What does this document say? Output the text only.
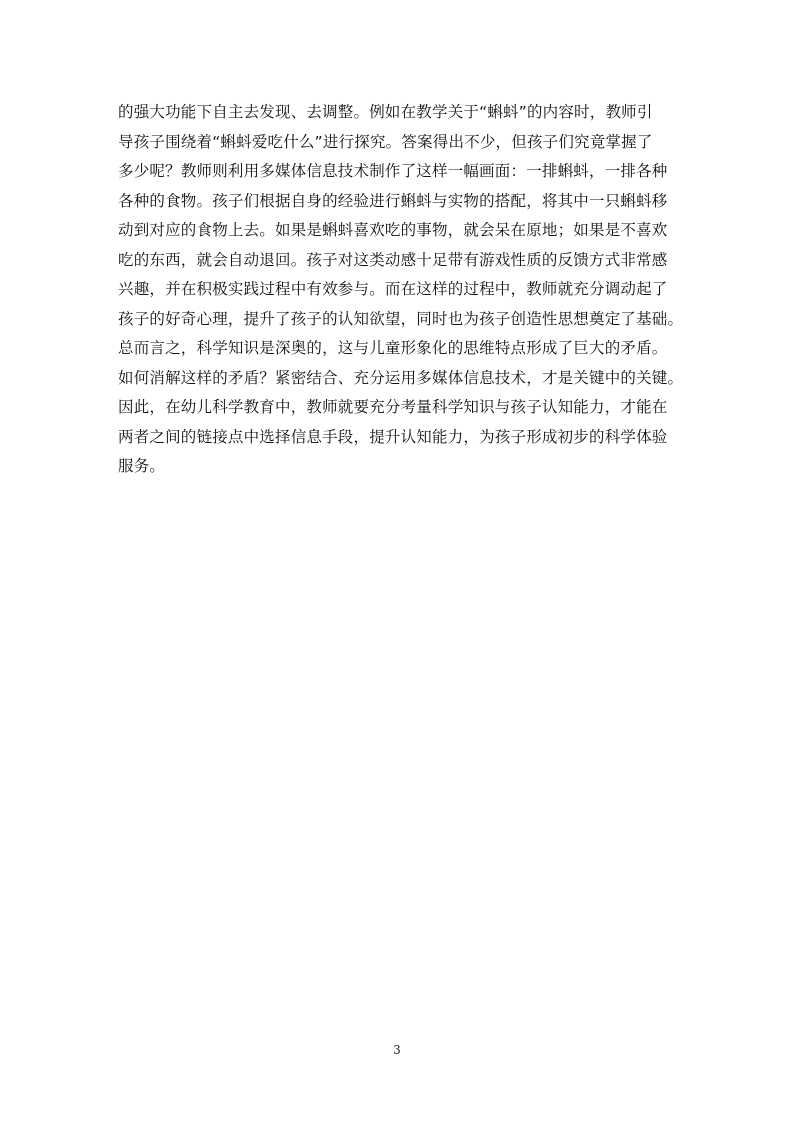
的强大功能下自主去发现、去调整。例如在教学关于“蝌蚪”的内容时，教师引
导孩子围绕着“蝌蚪爱吃什么”进行探究。答案得出不少，但孩子们究竟掌握了
多少呢？教师则利用多媒体信息技术制作了这样一幅画面：一排蝌蚪，一排各种
各种的食物。孩子们根据自身的经验进行蝌蚪与实物的搭配，将其中一只蝌蚪移
动到对应的食物上去。如果是蝌蚪喜欢吃的事物，就会呆在原地；如果是不喜欢
吃的东西，就会自动退回。孩子对这类动感十足带有游戏性质的反馈方式非常感
兴趣，并在积极实践过程中有效参与。而在这样的过程中，教师就充分调动起了
孩子的好奇心理，提升了孩子的认知欲望，同时也为孩子创造性思想奠定了基础。
总而言之，科学知识是深奥的，这与儿童形象化的思维特点形成了巨大的矛盾。
如何消解这样的矛盾？紧密结合、充分运用多媒体信息技术，才是关键中的关键。
因此，在幼儿科学教育中，教师就要充分考量科学知识与孩子认知能力，才能在
两者之间的链接点中选择信息手段，提升认知能力，为孩子形成初步的科学体验
服务。
3
